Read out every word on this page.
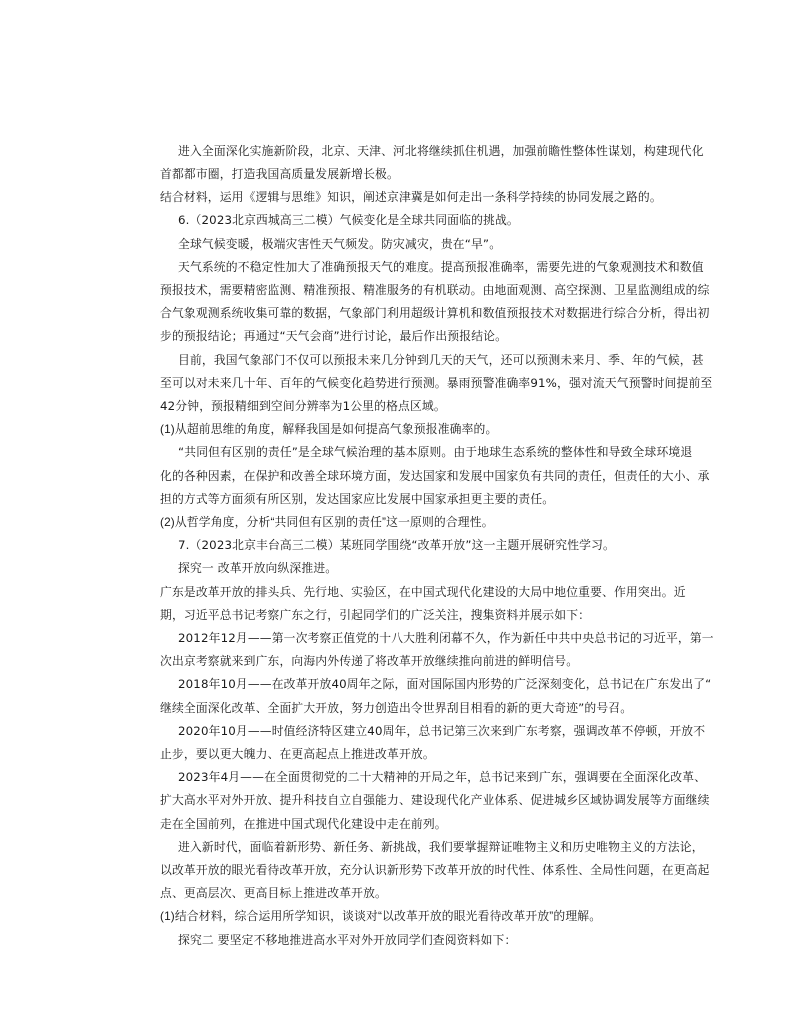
进入全面深化实施新阶段，北京、天津、河北将继续抓住机遇，加强前瞻性整体性谋划，构建现代化
首都都市圈，打造我国高质量发展新增长极。
结合材料，运用《逻辑与思维》知识，阐述京津冀是如何走出一条科学持续的协同发展之路的。
6.（2023北京西城高三二模）气候变化是全球共同面临的挑战。
全球气候变暖，极端灾害性天气频发。防灾减灾，贵在“早”。
天气系统的不稳定性加大了准确预报天气的难度。提高预报准确率，需要先进的气象观测技术和数值
预报技术，需要精密监测、精准预报、精准服务的有机联动。由地面观测、高空探测、卫星监测组成的综
合气象观测系统收集可靠的数据，气象部门利用超级计算机和数值预报技术对数据进行综合分析，得出初
步的预报结论；再通过“天气会商”进行讨论，最后作出预报结论。
目前，我国气象部门不仅可以预报未来几分钟到几天的天气，还可以预测未来月、季、年的气候，甚
至可以对未来几十年、百年的气候变化趋势进行预测。暴雨预警准确率91%，强对流天气预警时间提前至
42分钟，预报精细到空间分辨率为1公里的格点区域。
(1)从超前思维的角度，解释我国是如何提高气象预报准确率的。
“共同但有区别的责任”是全球气候治理的基本原则。由于地球生态系统的整体性和导致全球环境退
化的各种因素，在保护和改善全球环境方面，发达国家和发展中国家负有共同的责任，但责任的大小、承
担的方式等方面须有所区别，发达国家应比发展中国家承担更主要的责任。
(2)从哲学角度，分析“共同但有区别的责任”这一原则的合理性。
7.（2023北京丰台高三二模）某班同学围绕“改革开放”这一主题开展研究性学习。
探究一 改革开放向纵深推进。
广东是改革开放的排头兵、先行地、实验区，在中国式现代化建设的大局中地位重要、作用突出。近
期，习近平总书记考察广东之行，引起同学们的广泛关注，搜集资料并展示如下：
2012年12月——第一次考察正值党的十八大胜利闭幕不久，作为新任中共中央总书记的习近平，第一
次出京考察就来到广东，向海内外传递了将改革开放继续推向前进的鲜明信号。
2018年10月——在改革开放40周年之际，面对国际国内形势的广泛深刻变化，总书记在广东发出了“
继续全面深化改革、全面扩大开放，努力创造出令世界刮目相看的新的更大奇迹”的号召。
2020年10月——时值经济特区建立40周年，总书记第三次来到广东考察，强调改革不停顿，开放不
止步，要以更大魄力、在更高起点上推进改革开放。
2023年4月——在全面贯彻党的二十大精神的开局之年，总书记来到广东，强调要在全面深化改革、
扩大高水平对外开放、提升科技自立自强能力、建设现代化产业体系、促进城乡区域协调发展等方面继续
走在全国前列，在推进中国式现代化建设中走在前列。
进入新时代，面临着新形势、新任务、新挑战，我们要掌握辩证唯物主义和历史唯物主义的方法论，
以改革开放的眼光看待改革开放，充分认识新形势下改革开放的时代性、体系性、全局性问题，在更高起
点、更高层次、更高目标上推进改革开放。
(1)结合材料，综合运用所学知识，谈谈对“以改革开放的眼光看待改革开放”的理解。
探究二 要坚定不移地推进高水平对外开放同学们查阅资料如下：
